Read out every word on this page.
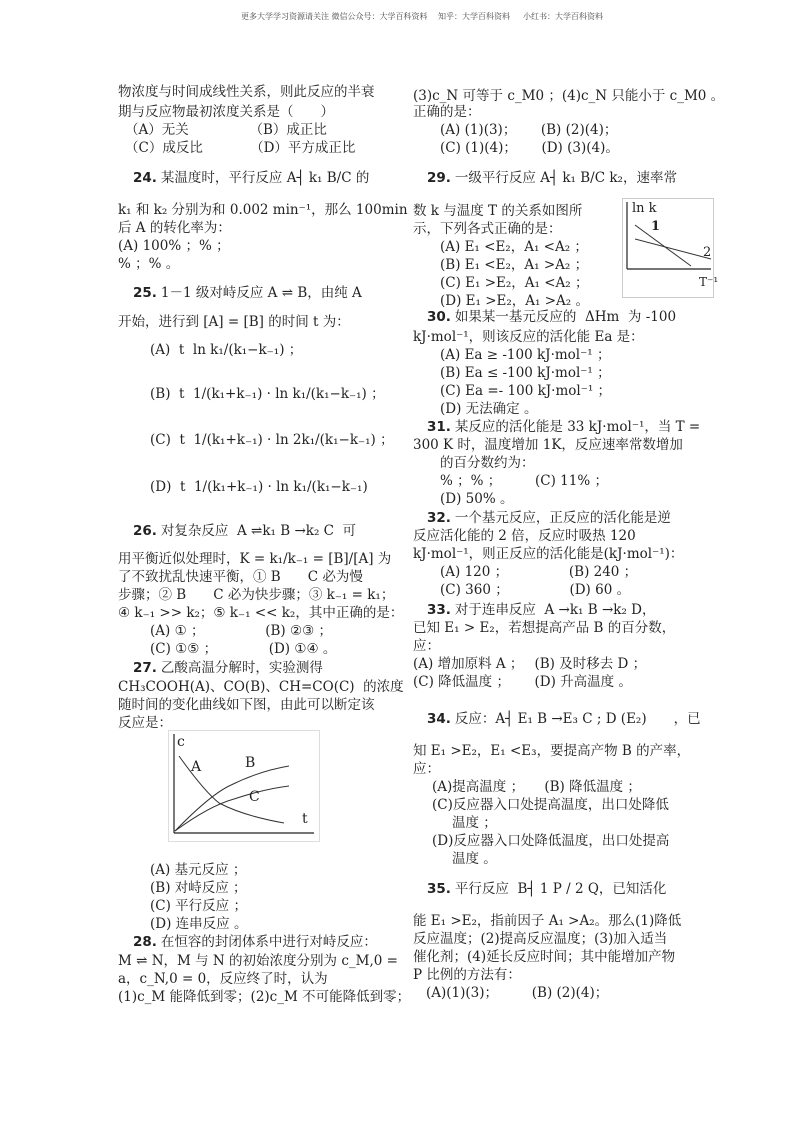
更多大学学习资源请关注 微信公众号：大学百科资料 知乎：大学百科资料 小红书：大学百科资料
物浓度与时间成线性关系，则此反应的半衰
期与反应物最初浓度关系是（　　）
（A）无关　　　　　（B）成正比
（C）成反比　　　　（D）平方成正比
24. 某温度时，平行反应 A┤ k₁ B/C 的
k₁ 和 k₂ 分别为和 0.002 min⁻¹，那么 100min
后 A 的转化率为：
(A) 100% ；% ；
% ；% 。
25. 1－1 级对峙反应 A ⇌ B，由纯 A
开始，进行到 [A] = [B] 的时间 t 为：
(A)  t  ln k₁/(k₁−k₋₁) ；
(B)  t  1/(k₁+k₋₁) · ln k₁/(k₁−k₋₁) ；
(C)  t  1/(k₁+k₋₁) · ln 2k₁/(k₁−k₋₁) ；
(D)  t  1/(k₁+k₋₁) · ln k₁/(k₁−k₋₁)
26. 对复杂反应  A ⇌k₁ B →k₂ C  可
用平衡近似处理时，K = k₁/k₋₁ = [B]/[A] 为
了不致扰乱快速平衡，① B　　C 必为慢
步骤；② B　　C 必为快步骤；③ k₋₁ = k₁；
④ k₋₁ >> k₂；⑤ k₋₁ << k₂，其中正确的是：
(A) ① ；　　　　　(B) ②③ ；
(C) ①⑤ ；　　　　 (D) ①④ 。
27. 乙酸高温分解时，实验测得
CH₃COOH(A)、CO(B)、CH=CO(C)  的浓度
随时间的变化曲线如下图，由此可以断定该
反应是：
(A) 基元反应 ；
(B) 对峙反应 ；
(C) 平行反应 ；
(D) 连串反应 。
28. 在恒容的封闭体系中进行对峙反应：
M ⇌ N，M 与 N 的初始浓度分别为 c_M,0 =
a，c_N,0 = 0，反应终了时，认为
(1)c_M 能降低到零；(2)c_M 不可能降低到零；
(3)c_N 可等于 c_M0 ；(4)c_N 只能小于 c_M0 。
正确的是：
(A) (1)(3)；　　 (B) (2)(4)；
(C) (1)(4)；　　 (D) (3)(4)。
29. 一级平行反应 A┤ k₁ B/C k₂，速率常
数 k 与温度 T 的关系如图所
示，下列各式正确的是：
(A) E₁ <E₂，A₁ <A₂ ；
(B) E₁ <E₂，A₁ >A₂ ；
(C) E₁ >E₂，A₁ <A₂ ；
(D) E₁ >E₂，A₁ >A₂ 。
30. 如果某一基元反应的  ΔHm  为 -100
kJ·mol⁻¹，则该反应的活化能 Ea 是：
(A) Ea ≥ -100 kJ·mol⁻¹ ；
(B) Ea ≤ -100 kJ·mol⁻¹ ；
(C) Ea =- 100 kJ·mol⁻¹ ；
(D) 无法确定 。
31. 某反应的活化能是 33 kJ·mol⁻¹，当 T =
300 K 时，温度增加 1K，反应速率常数增加
的百分数约为：
% ；% ；　　　(C) 11% ；
(D) 50% 。
32. 一个基元反应，正反应的活化能是逆
反应活化能的 2 倍，反应时吸热 120
kJ·mol⁻¹，则正反应的活化能是(kJ·mol⁻¹)：
(A) 120 ；　　　　　(B) 240 ；
(C) 360 ；　　　　　(D) 60 。
33. 对于连串反应  A →k₁ B →k₂ D，
已知 E₁ > E₂，若想提高产品 B 的百分数，
应：
(A) 增加原料 A ；　 (B) 及时移去 D ；
(C) 降低温度 ；　　 (D) 升高温度 。
34. 反应：A┤ E₁ B →E₃ C ; D (E₂)　　，已
知 E₁ >E₂，E₁ <E₃，要提高产物 B 的产率，
应：
(A)提高温度 ；　　(B) 降低温度 ；
(C)反应器入口处提高温度，出口处降低
温度 ；
(D)反应器入口处降低温度，出口处提高
温度 。
35. 平行反应  B┤ 1 P / 2 Q，已知活化
能 E₁ >E₂，指前因子 A₁ >A₂。那么(1)降低
反应温度；(2)提高反应温度；(3)加入适当
催化剂；(4)延长反应时间；其中能增加产物
P 比例的方法有：
(A)(1)(3)；　　　(B) (2)(4)；
c
t
A	B
C
ln k
1
2
T⁻¹
